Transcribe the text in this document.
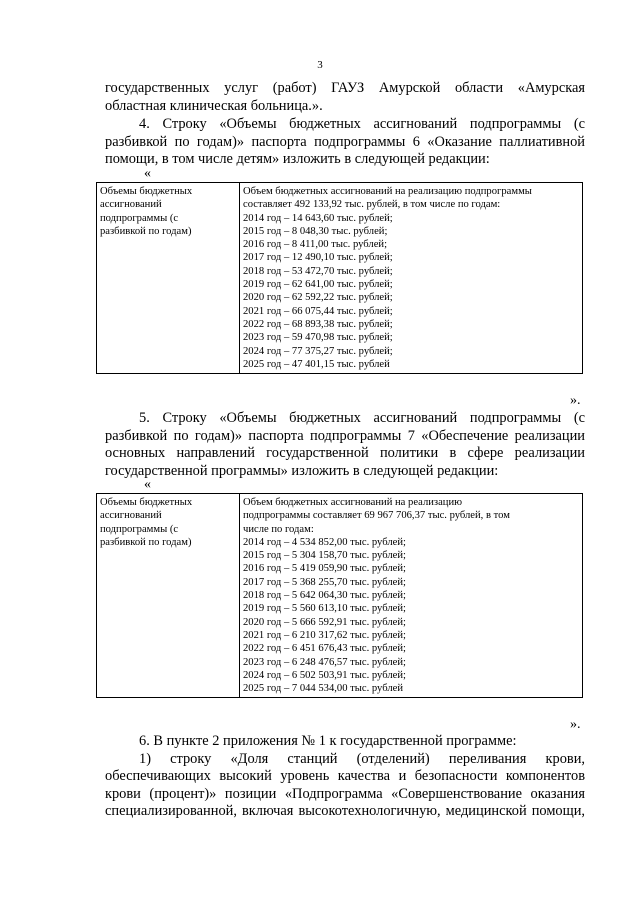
3
государственных услуг (работ) ГАУЗ Амурской области «Амурская
областная клиническая больница.».
4. Строку «Объемы бюджетных ассигнований подпрограммы (с
разбивкой по годам)» паспорта подпрограммы 6 «Оказание паллиативной
помощи, в том числе детям» изложить в следующей редакции:
«
Объемы бюджетных
ассигнований
подпрограммы (с
разбивкой по годам)

Объем бюджетных ассигнований на реализацию подпрограммы
составляет 492 133,92 тыс. рублей, в том числе по годам:
2014 год – 14 643,60 тыс. рублей;
2015 год – 8 048,30 тыс. рублей;
2016 год – 8 411,00 тыс. рублей;
2017 год – 12 490,10 тыс. рублей;
2018 год – 53 472,70 тыс. рублей;
2019 год – 62 641,00 тыс. рублей;
2020 год – 62 592,22 тыс. рублей;
2021 год – 66 075,44 тыс. рублей;
2022 год – 68 893,38 тыс. рублей;
2023 год – 59 470,98 тыс. рублей;
2024 год – 77 375,27 тыс. рублей;
2025 год – 47 401,15 тыс. рублей
».
5. Строку «Объемы бюджетных ассигнований подпрограммы (с
разбивкой по годам)» паспорта подпрограммы 7 «Обеспечение реализации
основных направлений государственной политики в сфере реализации
государственной программы» изложить в следующей редакции:
«
Объемы бюджетных
ассигнований
подпрограммы (с
разбивкой по годам)

Объем бюджетных ассигнований на реализацию
подпрограммы составляет 69 967 706,37 тыс. рублей, в том
числе по годам:
2014 год – 4 534 852,00 тыс. рублей;
2015 год – 5 304 158,70 тыс. рублей;
2016 год – 5 419 059,90 тыс. рублей;
2017 год – 5 368 255,70 тыс. рублей;
2018 год – 5 642 064,30 тыс. рублей;
2019 год – 5 560 613,10 тыс. рублей;
2020 год – 5 666 592,91 тыс. рублей;
2021 год – 6 210 317,62 тыс. рублей;
2022 год – 6 451 676,43 тыс. рублей;
2023 год – 6 248 476,57 тыс. рублей;
2024 год – 6 502 503,91 тыс. рублей;
2025 год – 7 044 534,00 тыс. рублей
».
6. В пункте 2 приложения № 1 к государственной программе:
1) строку «Доля станций (отделений) переливания крови,
обеспечивающих высокий уровень качества и безопасности компонентов
крови (процент)» позиции «Подпрограмма «Совершенствование оказания
специализированной, включая высокотехнологичную, медицинской помощи,
